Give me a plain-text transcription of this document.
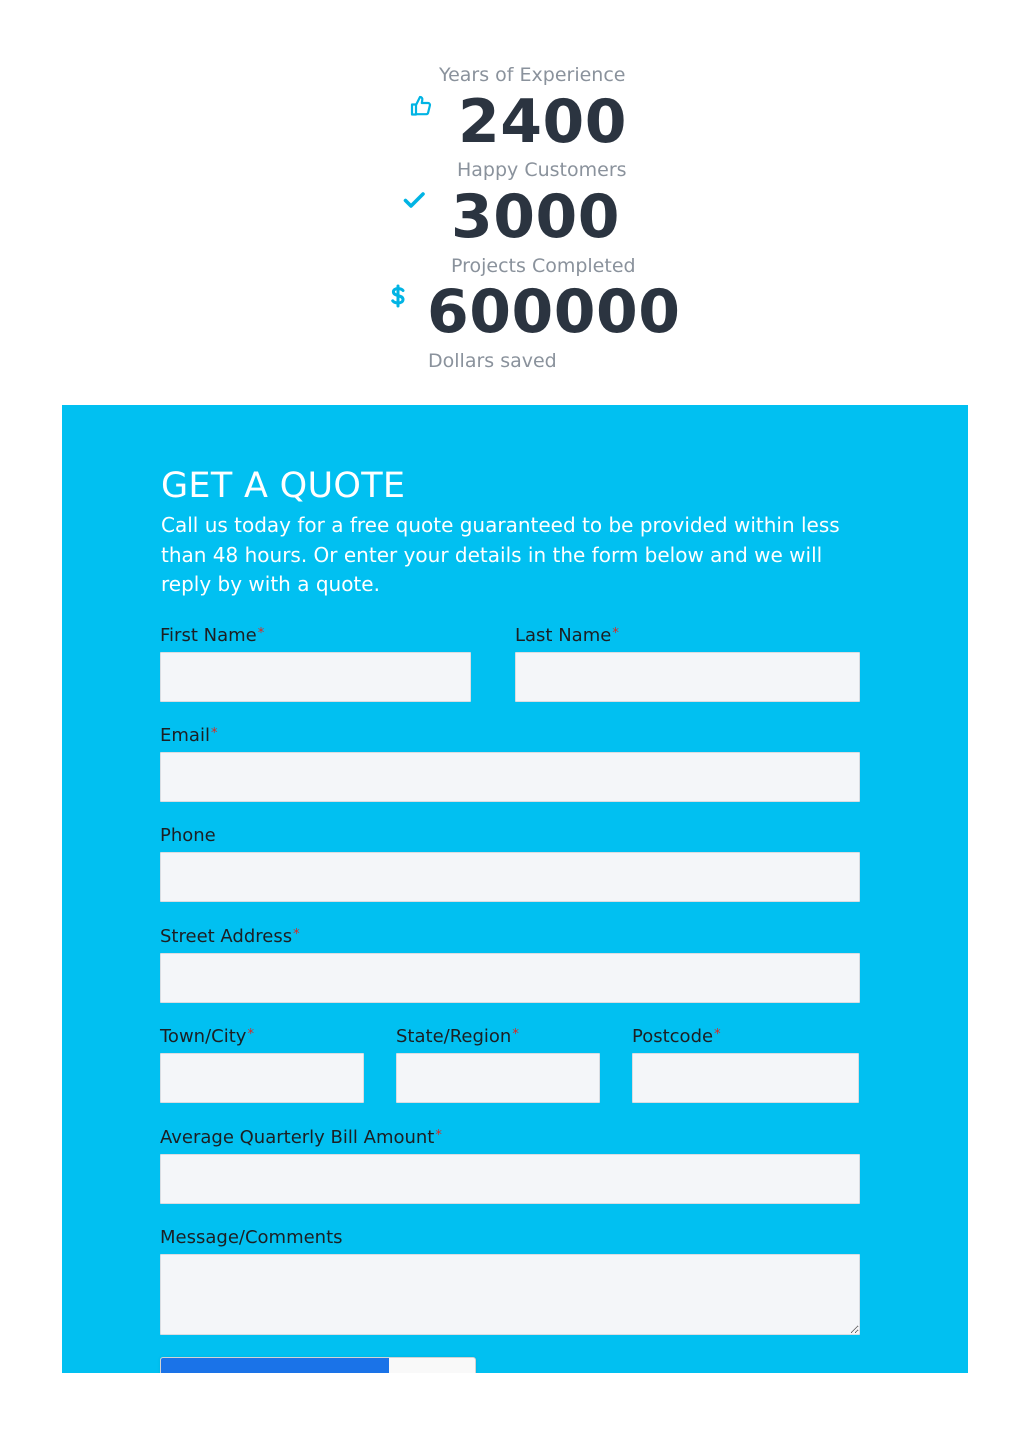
Years of Experience
2400
Happy Customers
3000
Projects Completed
600000
Dollars saved
GET A QUOTE

Call us today for a free quote guaranteed to be provided within less than 48 hours. Or enter your details in the form below and we will reply by with a quote.

First Name*	Last Name*
Email*
Phone
Street Address*
Town/City*	State/Region*	Postcode*
Average Quarterly Bill Amount*
Message/Comments
